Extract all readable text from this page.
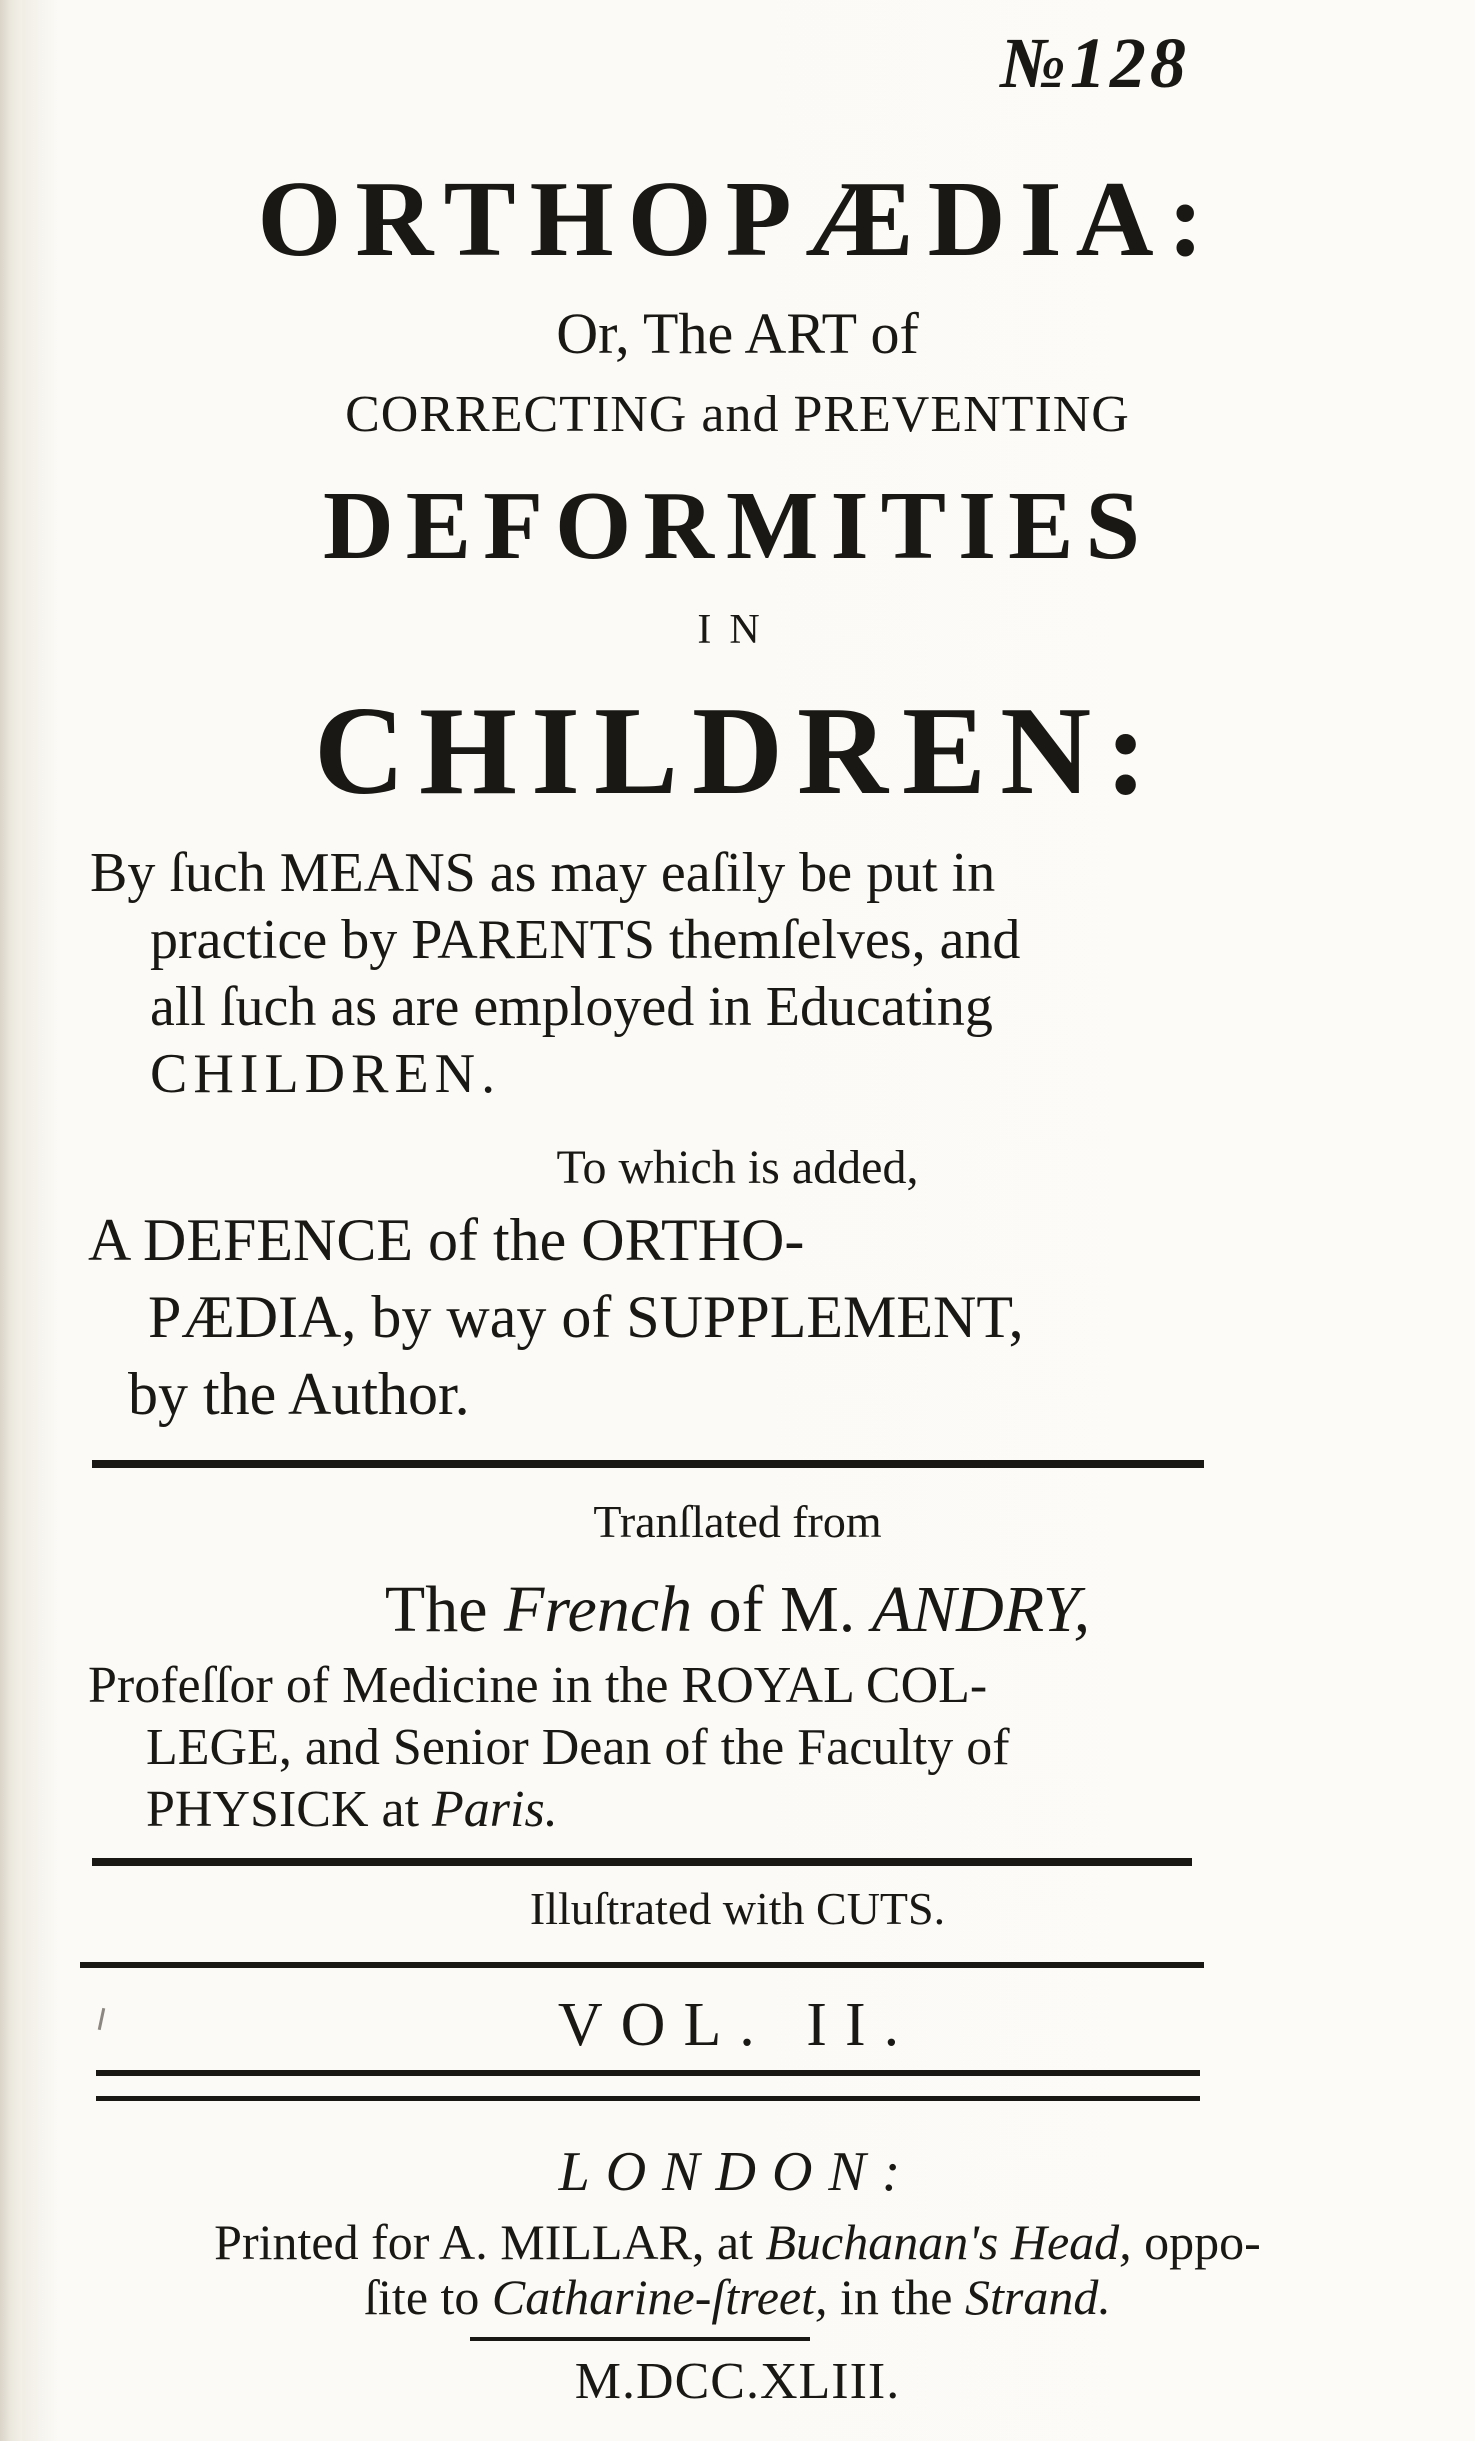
№128
ORTHOPÆDIA:
Or, The ART of
CORRECTING and PREVENTING
DEFORMITIES
IN
CHILDREN:
By ſuch MEANS as may eaſily be put in
practice by PARENTS themſelves, and
all ſuch as are employed in Educating
CHILDREN.
To which is added,
A DEFENCE of the ORTHO-
PÆDIA, by way of SUPPLEMENT,
by the Author.
Tranſlated from
The French of M. ANDRY,
Profeſſor of Medicine in the ROYAL COL-
LEGE, and Senior Dean of the Faculty of
PHYSICK at Paris.
Illuſtrated with CUTS.
VOL. II.
LONDON:
Printed for A. MILLAR, at Buchanan's Head, oppo-
ſite to Catharine-ſtreet, in the Strand.
M.DCC.XLIII.
